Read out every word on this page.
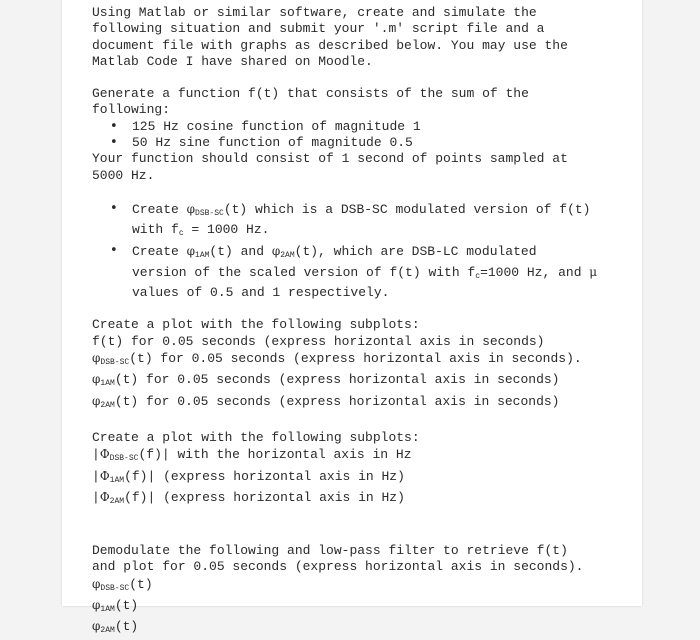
Using Matlab or similar software, create and simulate the

following situation and submit your '.m' script file and a

document file with graphs as described below. You may use the

Matlab Code I have shared on Moodle.

Generate a function f(t) that consists of the sum of the

following:

• 125 Hz cosine function of magnitude 1
• 50 Hz sine function of magnitude 0.5

Your function should consist of 1 second of points sampled at

5000 Hz.

• Create $\varphi_{DSB-SC}(t)$ which is a DSB-SC modulated version of f(t)
with $f_c = 1000$ Hz.
• Create $\varphi_{1AM}(t)$ and $\varphi_{2AM}(t)$, which are DSB-LC modulated
version of the scaled version of f(t) with $f_c=1000$ Hz, and μ
values of 0.5 and 1 respectively.

Create a plot with the following subplots:

f(t) for 0.05 seconds (express horizontal axis in seconds)

$\varphi_{DSB-SC}(t)$ for 0.05 seconds (express horizontal axis in seconds).

$\varphi_{1AM}(t)$ for 0.05 seconds (express horizontal axis in seconds)

$\varphi_{2AM}(t)$ for 0.05 seconds (express horizontal axis in seconds)

Create a plot with the following subplots:

$|\Phi_{DSB-SC}(f)|$ with the horizontal axis in Hz

$|\Phi_{1AM}(f)|$ (express horizontal axis in Hz)

$|\Phi_{2AM}(f)|$ (express horizontal axis in Hz)

Demodulate the following and low-pass filter to retrieve f(t)

and plot for 0.05 seconds (express horizontal axis in seconds).

$\varphi_{DSB-SC}(t)$

$\varphi_{1AM}(t)$

$\varphi_{2AM}(t)$
